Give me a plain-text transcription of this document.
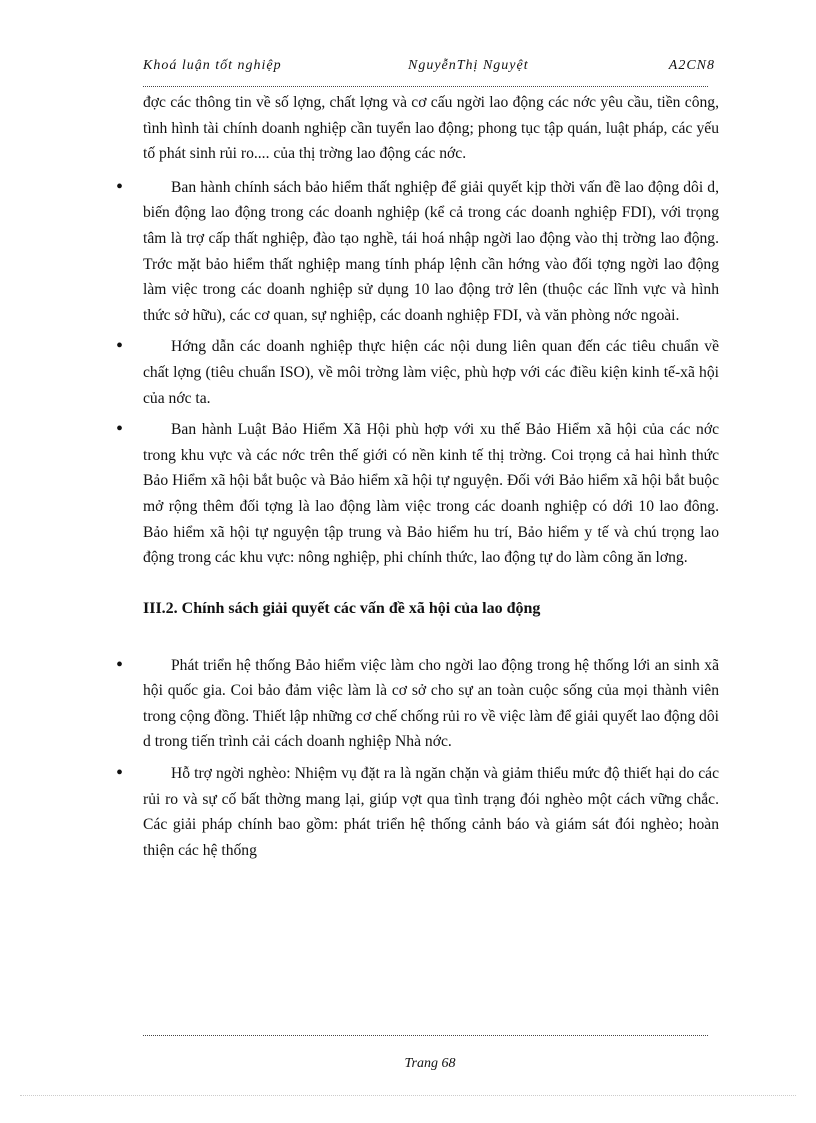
Khoá luận tốt nghiệp	NguyễnThị Nguyệt	A2CN8

đợc các thông tin về số lợng, chất lợng và cơ cấu ngời lao động các nớc yêu cầu, tiền công, tình hình tài chính doanh nghiệp cần tuyển lao động; phong tục tập quán, luật pháp, các yếu tố phát sinh rủi ro.... của thị trờng lao động các nớc.

•	Ban hành chính sách bảo hiểm thất nghiệp để giải quyết kịp thời vấn đề lao động dôi d, biến động lao động trong các doanh nghiệp (kể cả trong các doanh nghiệp FDI), với trọng tâm là trợ cấp thất nghiệp, đào tạo nghề, tái hoá nhập ngời lao động vào thị trờng lao động. Trớc mặt bảo hiểm thất nghiệp mang tính pháp lệnh cần hớng vào đối tợng ngời lao động làm việc trong các doanh nghiệp sử dụng 10 lao động trở lên (thuộc các lĩnh vực và hình thức sở hữu), các cơ quan, sự nghiệp, các doanh nghiệp FDI, và văn phòng nớc ngoài.
•	Hớng dẫn các doanh nghiệp thực hiện các nội dung liên quan đến các tiêu chuẩn về chất lợng (tiêu chuẩn ISO), về môi trờng làm việc, phù hợp với các điều kiện kinh tế-xã hội của nớc ta.
•	Ban hành Luật Bảo Hiểm Xã Hội phù hợp với xu thế Bảo Hiểm xã hội của các nớc trong khu vực và các nớc trên thế giới có nền kinh tế thị trờng. Coi trọng cả hai hình thức Bảo Hiểm xã hội bắt buộc và Bảo hiểm xã hội tự nguyện. Đối với Bảo hiểm xã hội bắt buộc mở rộng thêm đối tợng là lao động làm việc trong các doanh nghiệp có dới 10 lao đông. Bảo hiểm xã hội tự nguyện tập trung và Bảo hiểm hu trí, Bảo hiểm y tế và chú trọng lao động trong các khu vực: nông nghiệp, phi chính thức, lao động tự do làm công ăn lơng.

III.2. Chính sách giải quyết các vấn đề xã hội của lao động

•	Phát triển hệ thống Bảo hiểm việc làm cho ngời lao động trong hệ thống lới an sinh xã hội quốc gia. Coi bảo đảm việc làm là cơ sở cho sự an toàn cuộc sống của mọi thành viên trong cộng đồng. Thiết lập những cơ chế chống rủi ro về việc làm để giải quyết lao động dôi d trong tiến trình cải cách doanh nghiệp Nhà nớc.
•	Hỗ trợ ngời nghèo: Nhiệm vụ đặt ra là ngăn chặn và giảm thiểu mức độ thiết hại do các rủi ro và sự cố bất thờng mang lại, giúp vợt qua tình trạng đói nghèo một cách vững chắc. Các giải pháp chính bao gồm: phát triển hệ thống cảnh báo và giám sát đói nghèo; hoàn thiện các hệ thống
Trang 68
